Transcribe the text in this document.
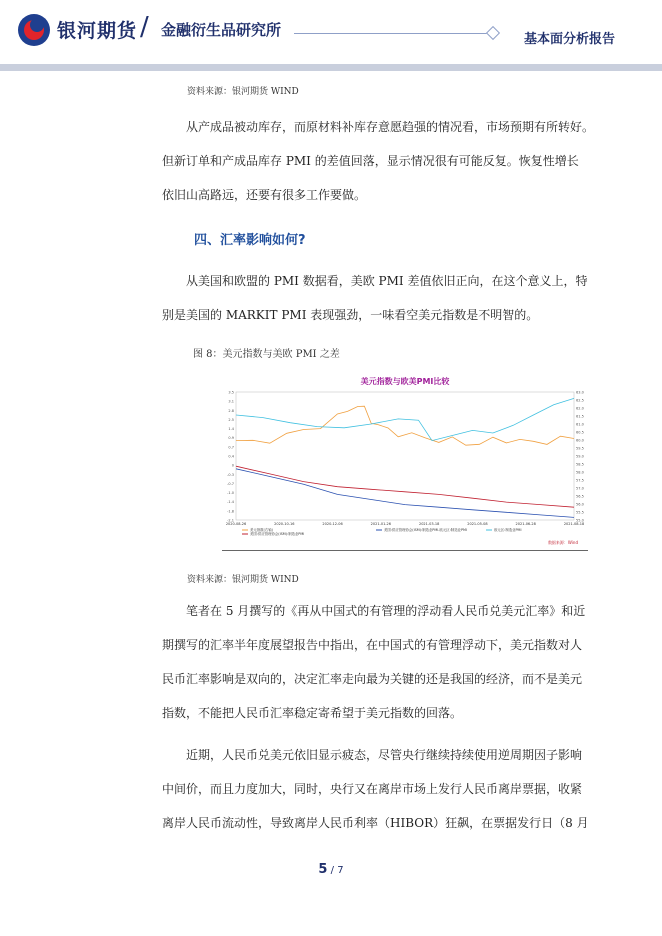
银河期货 / 金融衍生品研究所
基本面分析报告
资料来源：银河期货 WIND
从产成品被动库存，而原材料补库存意愿趋强的情况看，市场预期有所转好。
但新订单和产成品库存 PMI 的差值回落，显示情况很有可能反复。恢复性增长
依旧山高路远，还要有很多工作要做。
四、汇率影响如何?
从美国和欧盟的 PMI 数据看，美欧 PMI 差值依旧正向，在这个意义上，特
别是美国的 MARKIT PMI 表现强劲，一味看空美元指数是不明智的。
图 8：美元指数与美欧 PMI 之差
美元指数与欧美PMI比较
3.5
3.1
2.8
2.5
1.4
0.9
0.7
0.4
0
-0.3
-0.7
-1.0
-1.4
-1.8
-2.1
63.0
62.5
62.0
61.5
61.0
60.5
60.0
59.5
59.0
58.5
58.0
57.5
57.0
56.5
56.0
55.5
55.0
2020-08-26	2020-10-16	2020-12-06	2021-01-26	2021-03-18	2021-05-08	2021-06-28	2021-08-18
美元指数(右轴)
美国:供应管理协会(ISM):制造业PMI
美国:供应管理协会(ISM):制造业PMI-欧元区:制造业PMI	欧元区:制造业PMI
数据来源：Wind
资料来源：银河期货 WIND
笔者在 5 月撰写的《再从中国式的有管理的浮动看人民币兑美元汇率》和近
期撰写的汇率半年度展望报告中指出，在中国式的有管理浮动下，美元指数对人
民币汇率影响是双向的，决定汇率走向最为关键的还是我国的经济，而不是美元
指数，不能把人民币汇率稳定寄希望于美元指数的回落。
近期，人民币兑美元依旧显示疲态，尽管央行继续持续使用逆周期因子影响
中间价，而且力度加大，同时，央行又在离岸市场上发行人民币离岸票据，收紧
离岸人民币流动性，导致离岸人民币利率（HIBOR）狂飙，在票据发行日（8 月
5 / 7
